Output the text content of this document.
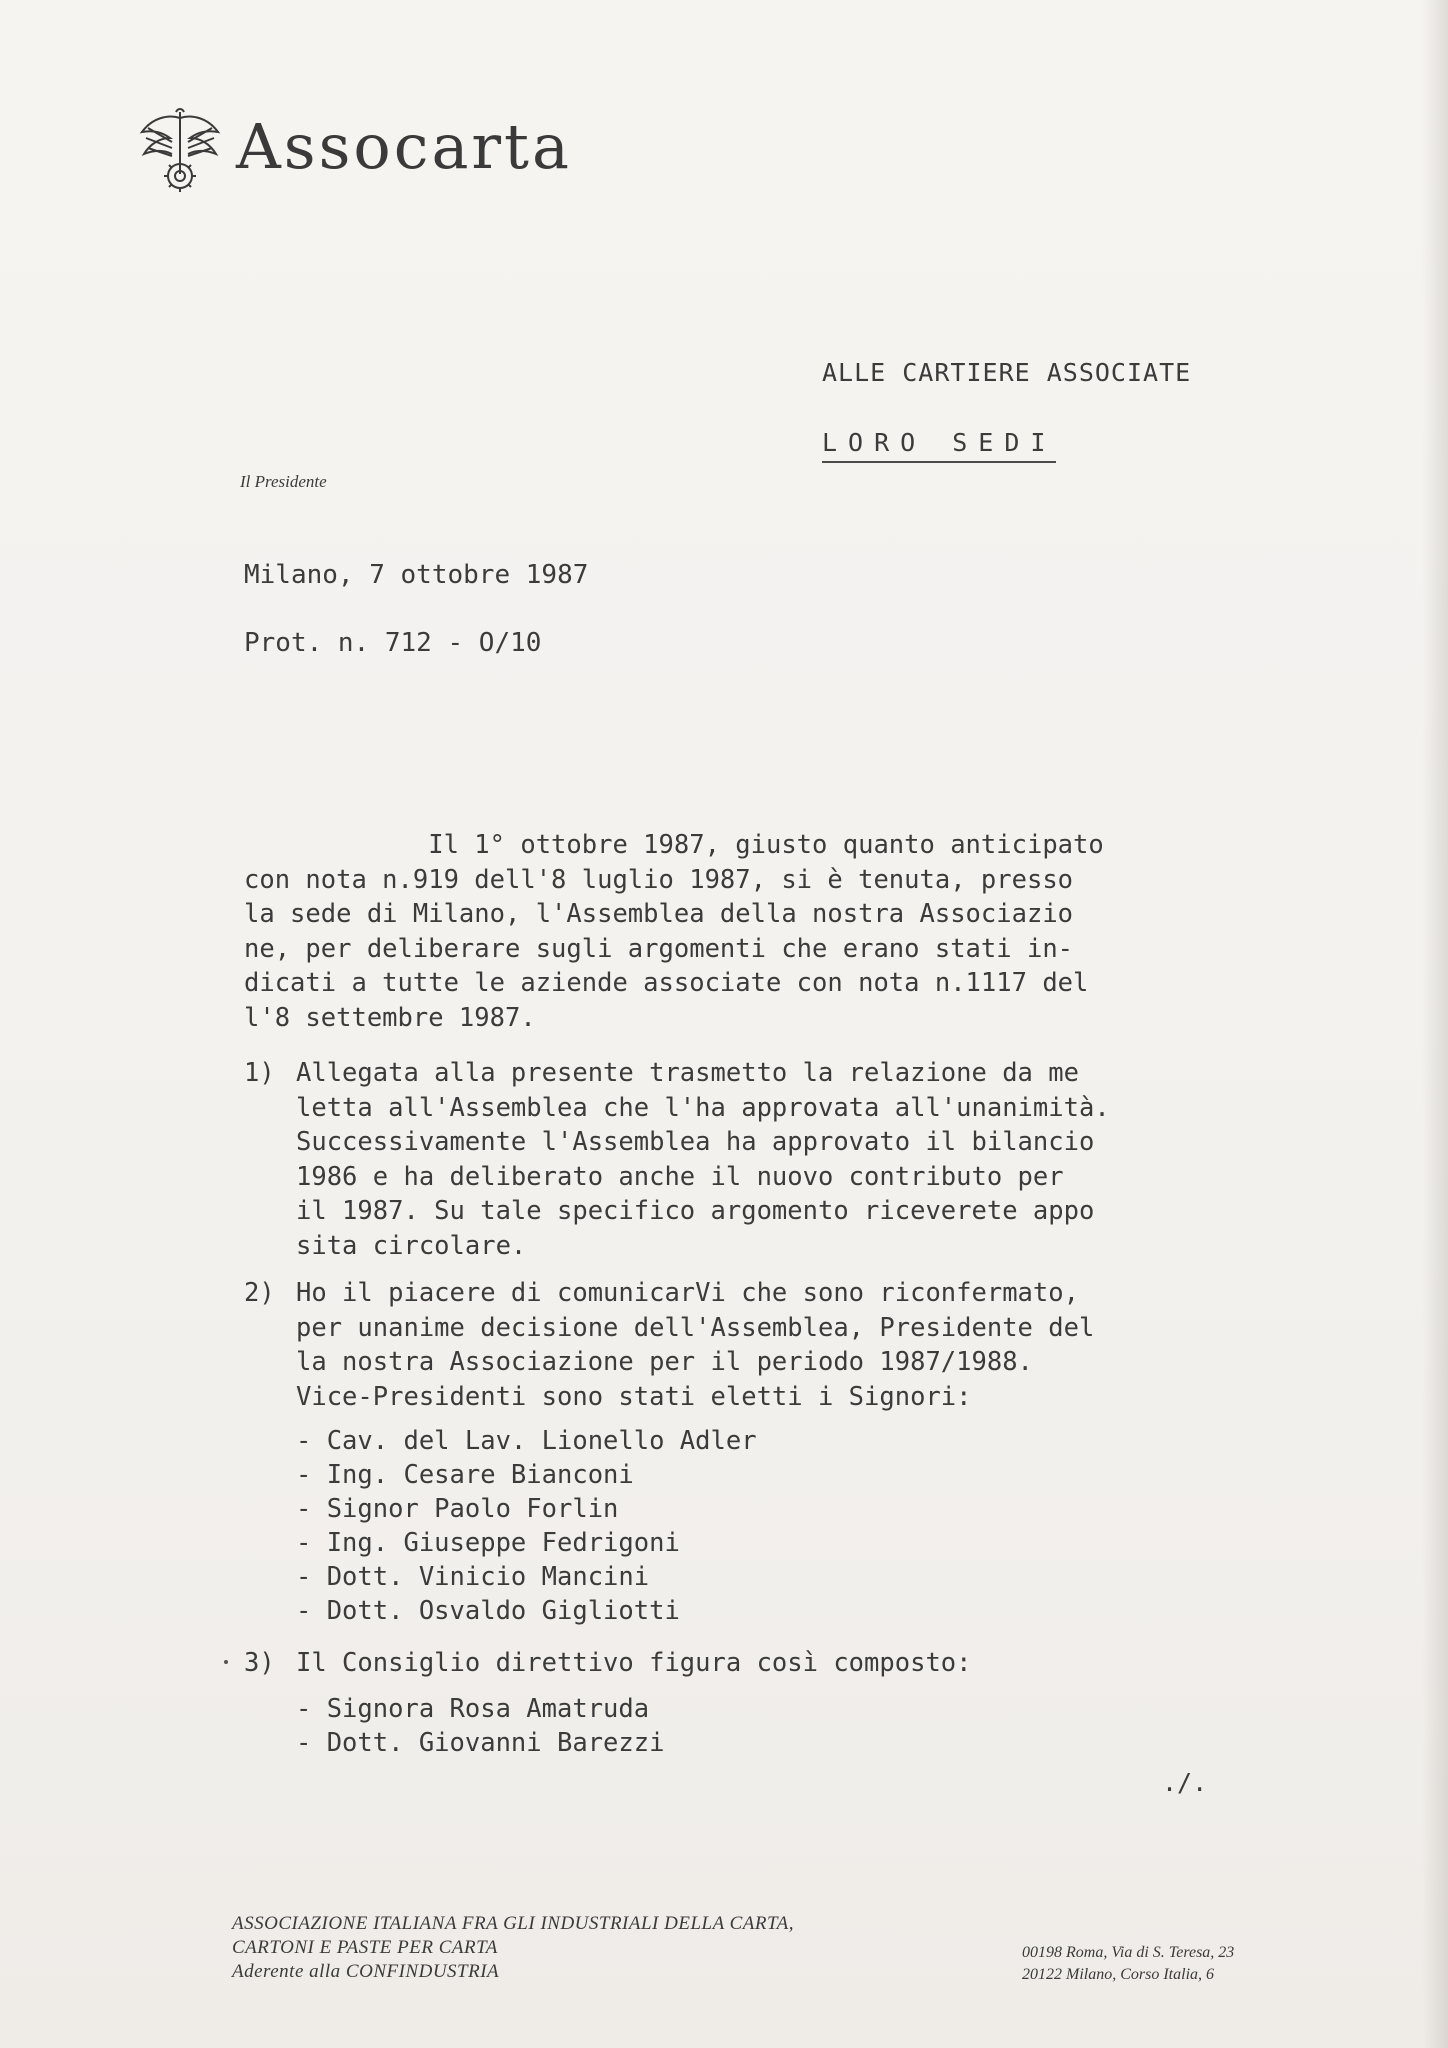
Assocarta
ALLE CARTIERE ASSOCIATE
LORO SEDI
Il Presidente
Milano, 7 ottobre 1987
Prot. n. 712 - O/10
Il 1° ottobre 1987, giusto quanto anticipato
con nota n.919 dell'8 luglio 1987, si è tenuta, presso
la sede di Milano, l'Assemblea della nostra Associazio
ne, per deliberare sugli argomenti che erano stati in-
dicati a tutte le aziende associate con nota n.1117 del
l'8 settembre 1987.
1) Allegata alla presente trasmetto la relazione da me
letta all'Assemblea che l'ha approvata all'unanimità.
Successivamente l'Assemblea ha approvato il bilancio
1986 e ha deliberato anche il nuovo contributo per
il 1987. Su tale specifico argomento riceverete appo
sita circolare.
2) Ho il piacere di comunicarVi che sono riconfermato,
per unanime decisione dell'Assemblea, Presidente del
la nostra Associazione per il periodo 1987/1988.
Vice-Presidenti sono stati eletti i Signori:
- Cav. del Lav. Lionello Adler
- Ing. Cesare Bianconi
- Signor Paolo Forlin
- Ing. Giuseppe Fedrigoni
- Dott. Vinicio Mancini
- Dott. Osvaldo Gigliotti
3) Il Consiglio direttivo figura così composto:
- Signora Rosa Amatruda
- Dott. Giovanni Barezzi
./.
ASSOCIAZIONE ITALIANA FRA GLI INDUSTRIALI DELLA CARTA,
CARTONI E PASTE PER CARTA
Aderente alla CONFINDUSTRIA
00198 Roma, Via di S. Teresa, 23
20122 Milano, Corso Italia, 6
